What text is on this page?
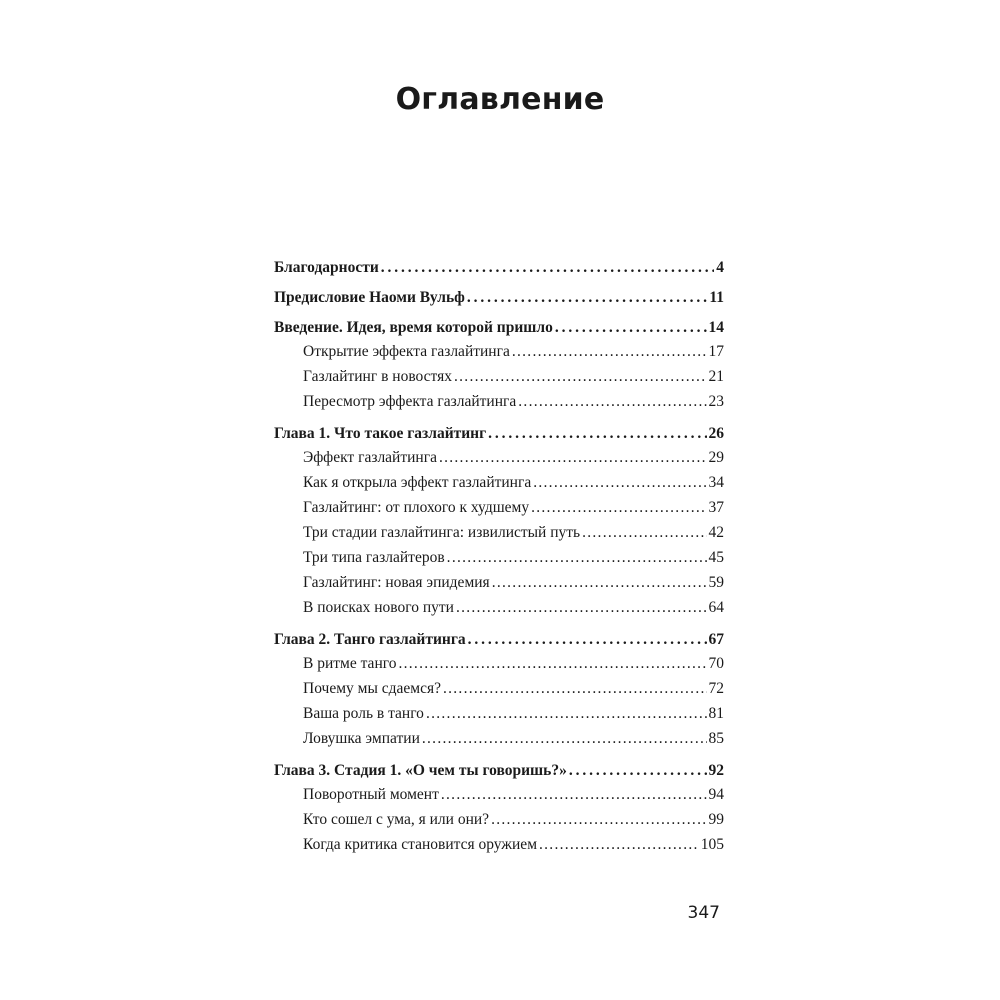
Оглавление
Благодарности . . .	4
Предисловие Наоми Вульф . . .	11
Введение. Идея, время которой пришло . . .	14
Открытие эффекта газлайтинга . . .	17
Газлайтинг в новостях . . .	21
Пересмотр эффекта газлайтинга . . .	23
Глава 1. Что такое газлайтинг . . .	26
Эффект газлайтинга . . .	29
Как я открыла эффект газлайтинга . . .	34
Газлайтинг: от плохого к худшему . . .	37
Три стадии газлайтинга: извилистый путь . . .	42
Три типа газлайтеров . . .	45
Газлайтинг: новая эпидемия . . .	59
В поисках нового пути . . .	64
Глава 2. Танго газлайтинга . . .	67
В ритме танго . . .	70
Почему мы сдаемся? . . .	72
Ваша роль в танго . . .	81
Ловушка эмпатии . . .	85
Глава 3. Стадия 1. «О чем ты говоришь?» . . .	92
Поворотный момент . . .	94
Кто сошел с ума, я или они? . . .	99
Когда критика становится оружием . . .	105
347
